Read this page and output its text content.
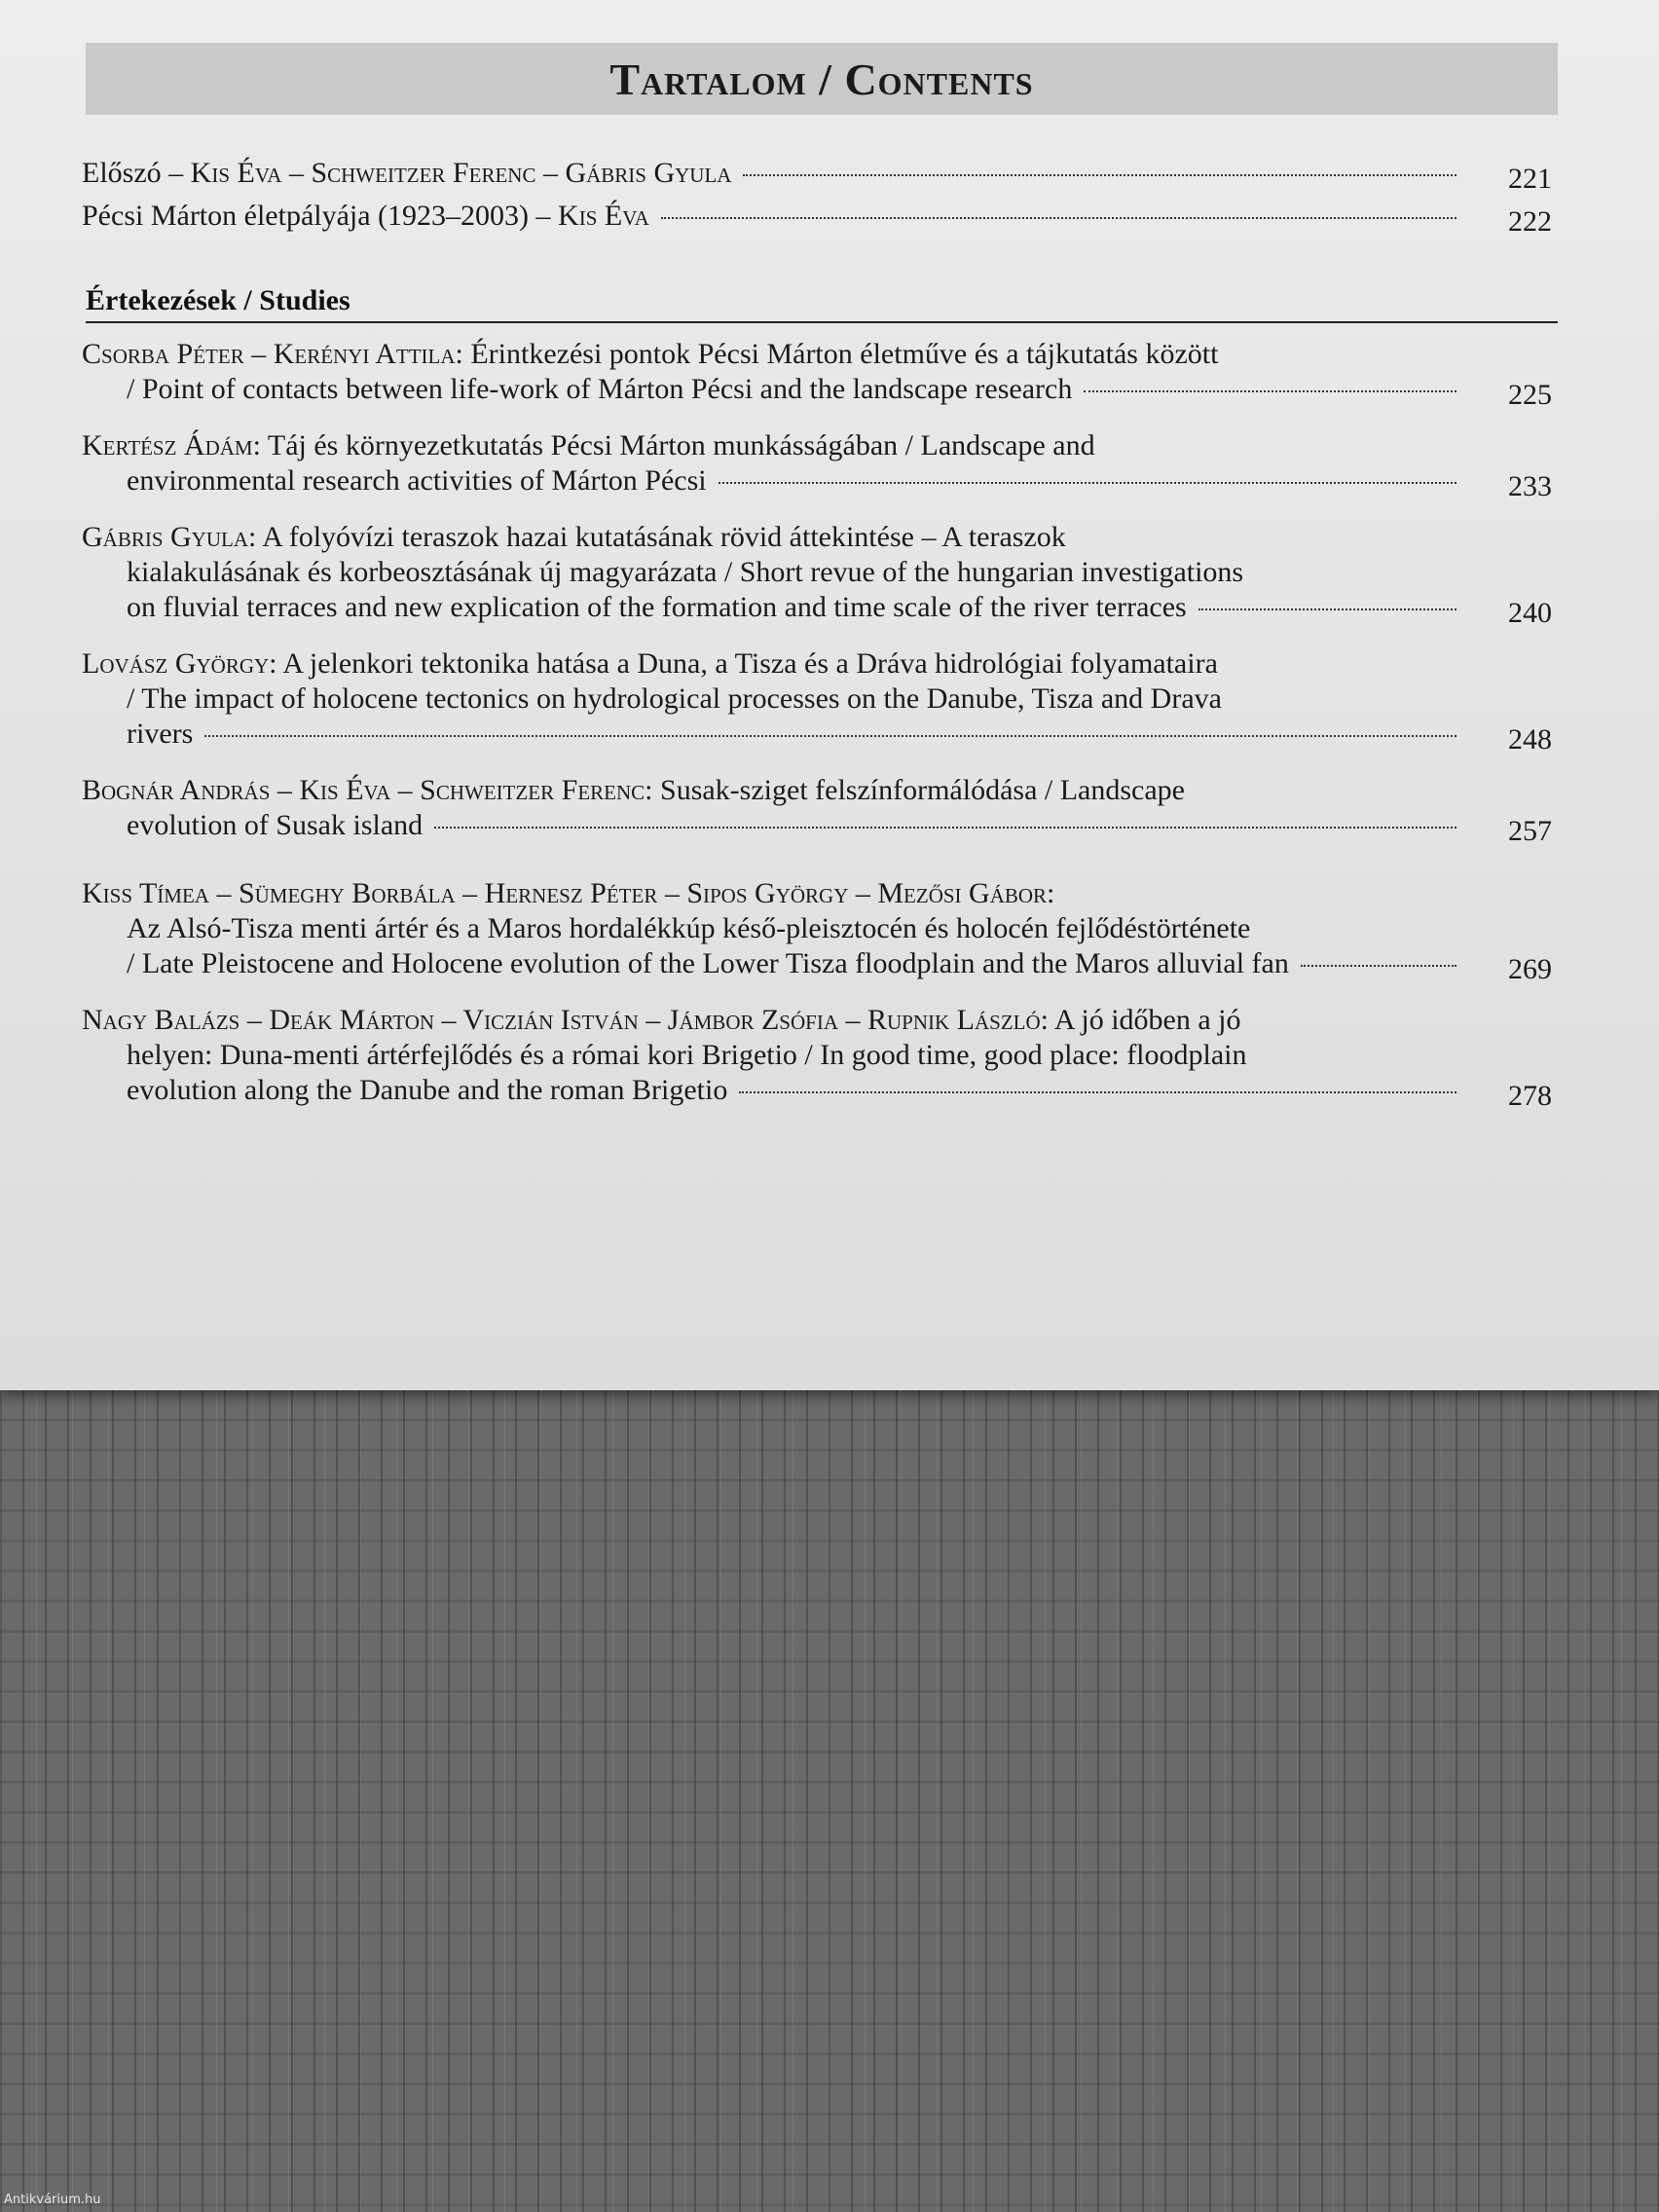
Tartalom / Contents
Értekezések / Studies
Előszó – Kis Éva – Schweitzer Ferenc – Gábris Gyula	221
Pécsi Márton életpályája (1923–2003) – Kis Éva	222
Csorba Péter – Kerényi Attila: Érintkezési pontok Pécsi Márton életműve és a tájkutatás között
/ Point of contacts between life-work of Márton Pécsi and the landscape research	225
Kertész Ádám: Táj és környezetkutatás Pécsi Márton munkásságában / Landscape and
environmental research activities of Márton Pécsi	233
Gábris Gyula: A folyóvízi teraszok hazai kutatásának rövid áttekintése – A teraszok
kialakulásának és korbeosztásának új magyarázata / Short revue of the hungarian investigations
on fluvial terraces and new explication of the formation and time scale of the river terraces	240
Lovász György: A jelenkori tektonika hatása a Duna, a Tisza és a Dráva hidrológiai folyamataira
/ The impact of holocene tectonics on hydrological processes on the Danube, Tisza and Drava
rivers	248
Bognár András – Kis Éva – Schweitzer Ferenc: Susak-sziget felszínformálódása / Landscape
evolution of Susak island	257
Kiss Tímea – Sümeghy Borbála – Hernesz Péter – Sipos György – Mezősi Gábor:
Az Alsó-Tisza menti ártér és a Maros hordalékkúp késő-pleisztocén és holocén fejlődéstörténete
/ Late Pleistocene and Holocene evolution of the Lower Tisza floodplain and the Maros alluvial fan	269
Nagy Balázs – Deák Márton – Viczián István – Jámbor Zsófia – Rupnik László: A jó időben a jó
helyen: Duna-menti ártérfejlődés és a római kori Brigetio / In good time, good place: floodplain
evolution along the Danube and the roman Brigetio	278
Antikvárium.hu
